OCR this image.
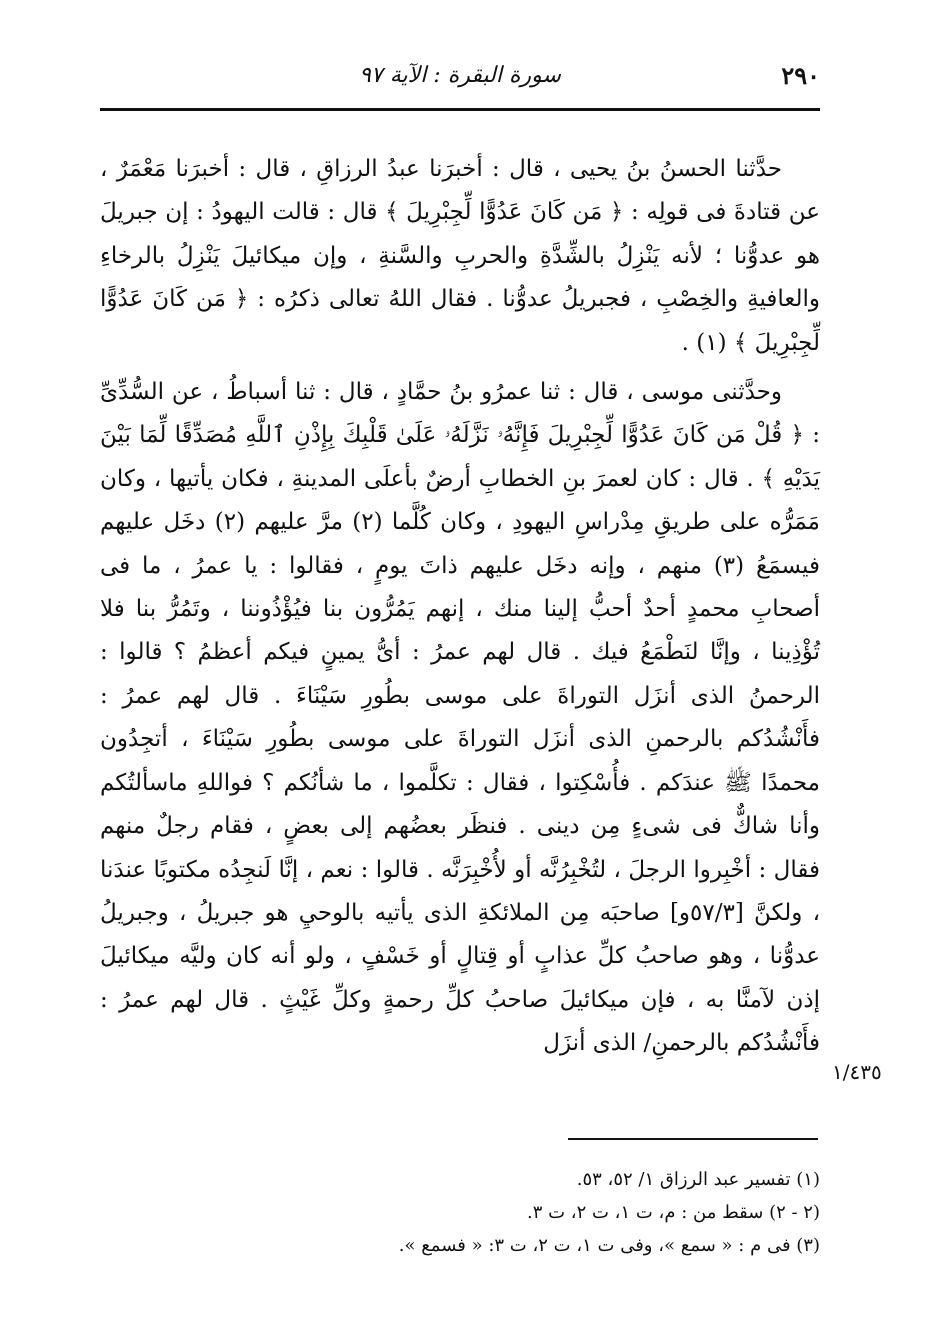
٢٩٠
سورة البقرة : الآية ٩٧

حدَّثنا الحسنُ بنُ يحيى ، قال : أخبرَنا عبدُ الرزاقِ ، قال : أخبرَنا مَعْمَرٌ ، عن قتادةَ فى قولِه : ﴿ مَن كَانَ عَدُوًّا لِّجِبْرِيلَ ﴾ قال : قالت اليهودُ : إن جبريلَ هو عدوُّنا ؛ لأنه يَنْزِلُ بالشِّدَّةِ والحربِ والسَّنةِ ، وإن ميكائيلَ يَنْزِلُ بالرخاءِ والعافيةِ والخِصْبِ ، فجبريلُ عدوُّنا . فقال اللهُ تعالى ذكرُه : ﴿ مَن كَانَ عَدُوًّا لِّجِبْرِيلَ ﴾ (١) .

وحدَّثنى موسى ، قال : ثنا عمرُو بنُ حمَّادٍ ، قال : ثنا أسباطُ ، عن السُّدِّىِّ : ﴿ قُلْ مَن كَانَ عَدُوًّا لِّجِبْرِيلَ فَإِنَّهُۥ نَزَّلَهُۥ عَلَىٰ قَلْبِكَ بِإِذْنِ ٱللَّهِ مُصَدِّقًا لِّمَا بَيْنَ يَدَيْهِ ﴾ . قال : كان لعمرَ بنِ الخطابِ أرضٌ بأعلَى المدينةِ ، فكان يأتيها ، وكان مَمَرُّه على طريقِ مِدْراسِ اليهودِ ، وكان كُلَّما (٢) مرَّ عليهم (٢) دخَل عليهم فيسمَعُ (٣) منهم ، وإنه دخَل عليهم ذاتَ يومٍ ، فقالوا : يا عمرُ ، ما فى أصحابِ محمدٍ أحدٌ أحبُّ إلينا منك ، إنهم يَمُرُّون بنا فيُؤْذُوننا ، وتَمُرُّ بنا فلا تُؤْذِينا ، وإنَّا لنَطْمَعُ فيك . قال لهم عمرُ : أىُّ يمينٍ فيكم أعظمُ ؟ قالوا : الرحمنُ الذى أنزَل التوراةَ على موسى بطُورِ سَيْنَاءَ . قال لهم عمرُ : فأَنْشُدُكم بالرحمنِ الذى أنزَل التوراةَ على موسى بطُورِ سَيْنَاءَ ، أتجِدُون محمدًا ﷺ عندَكم . فأُسْكِتوا ، فقال : تكلَّموا ، ما شأنُكم ؟ فواللهِ ماسألتُكم وأنا شاكٌّ فى شىءٍ مِن دينى . فنظَر بعضُهم إلى بعضٍ ، فقام رجلٌ منهم فقال : أخْبِروا الرجلَ ، لتُخْبِرُنَّه أو لأُخْبِرَنَّه . قالوا : نعم ، إنَّا لَنجِدُه مكتوبًا عندَنا ، ولكنَّ [٥٧/٣و] صاحبَه مِن الملائكةِ الذى يأتيه بالوحيِ هو جبريلُ ، وجبريلُ عدوُّنا ، وهو صاحبُ كلِّ عذابٍ أو قِتالٍ أو خَسْفٍ ، ولو أنه كان وليَّه ميكائيلَ إذن لآمنَّا به ، فإن ميكائيلَ صاحبُ كلِّ رحمةٍ وكلِّ غَيْثٍ . قال لهم عمرُ : فأَنْشُدُكم بالرحمنِ/ الذى أنزَل

١/٤٣٥

(١) تفسير عبد الرزاق ١/ ٥٢، ٥٣.

(٢ - ٢) سقط من : م، ت ١، ت ٢، ت ٣.

(٣) فى م : « سمع »، وفى ت ١، ت ٢، ت ٣: « فسمع ».
